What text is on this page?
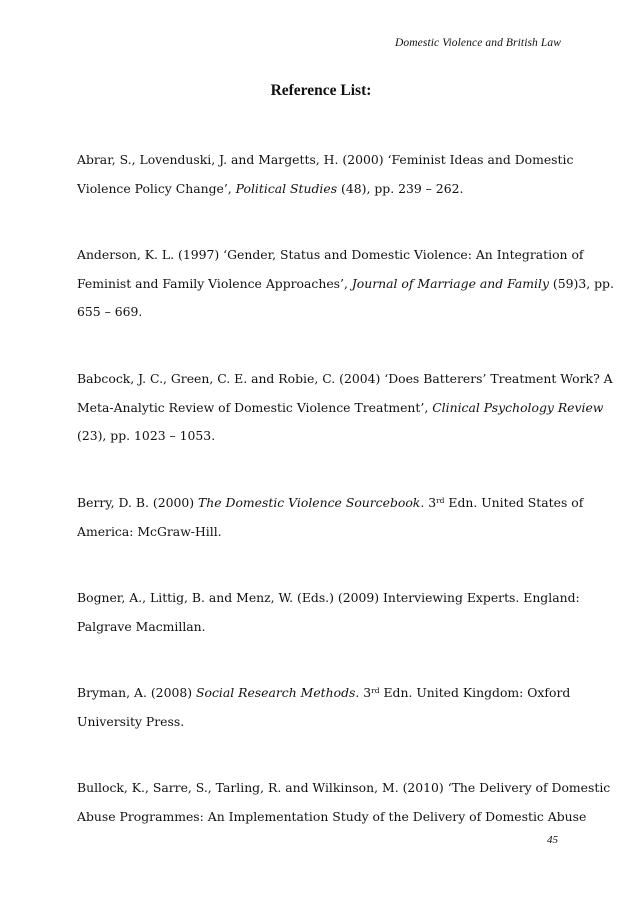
Domestic Violence and British Law
Reference List:
Abrar, S., Lovenduski, J. and Margetts, H. (2000) ‘Feminist Ideas and Domestic
Violence Policy Change’, Political Studies (48), pp. 239 – 262.
Anderson, K. L. (1997) ‘Gender, Status and Domestic Violence: An Integration of
Feminist and Family Violence Approaches’, Journal of Marriage and Family (59)3, pp.
655 – 669.
Babcock, J. C., Green, C. E. and Robie, C. (2004) ‘Does Batterers’ Treatment Work? A
Meta-Analytic Review of Domestic Violence Treatment’, Clinical Psychology Review
(23), pp. 1023 – 1053.
Berry, D. B. (2000) The Domestic Violence Sourcebook. 3rd Edn. United States of
America: McGraw-Hill.
Bogner, A., Littig, B. and Menz, W. (Eds.) (2009) Interviewing Experts. England:
Palgrave Macmillan.
Bryman, A. (2008) Social Research Methods. 3rd Edn. United Kingdom: Oxford
University Press.
Bullock, K., Sarre, S., Tarling, R. and Wilkinson, M. (2010) ‘The Delivery of Domestic
Abuse Programmes: An Implementation Study of the Delivery of Domestic Abuse
45
